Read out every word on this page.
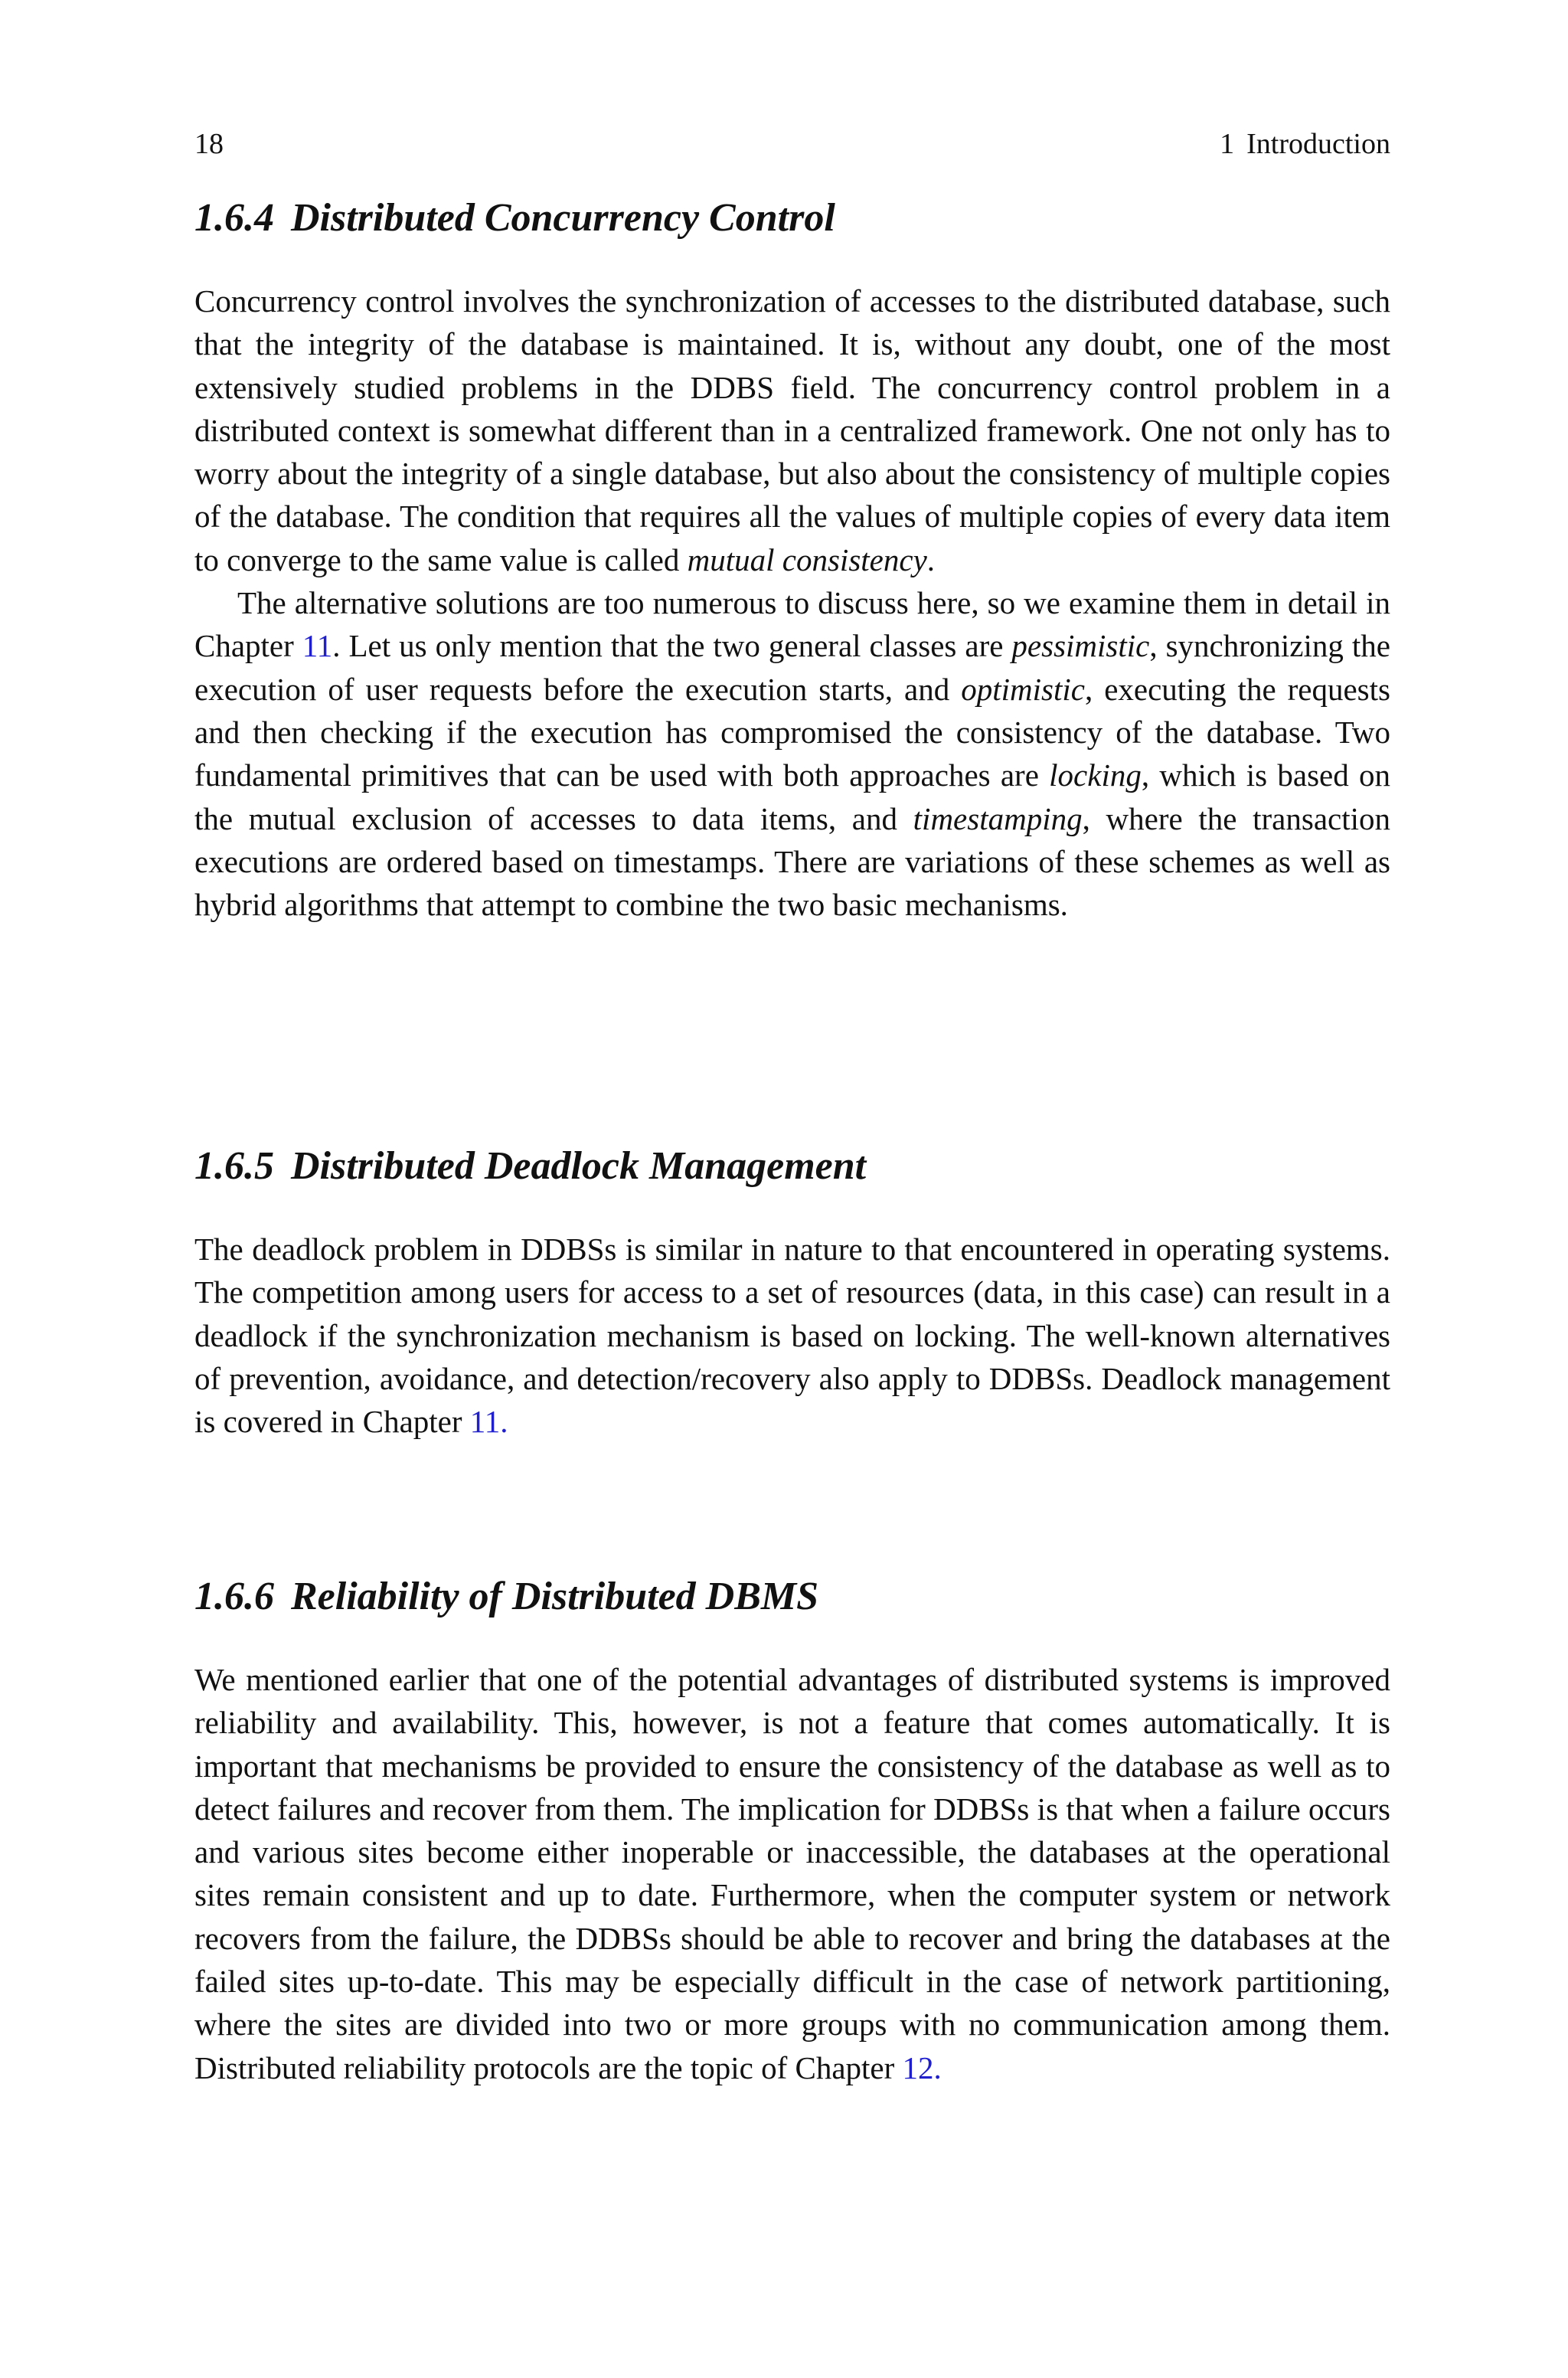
18	1 Introduction
1.6.4 Distributed Concurrency Control

Concurrency control involves the synchronization of accesses to the distributed database, such that the integrity of the database is maintained. It is, without any doubt, one of the most extensively studied problems in the DDBS field. The concurrency control problem in a distributed context is somewhat different than in a centralized framework. One not only has to worry about the integrity of a single database, but also about the consistency of multiple copies of the database. The condition that requires all the values of multiple copies of every data item to converge to the same value is called mutual consistency.

The alternative solutions are too numerous to discuss here, so we examine them in detail in Chapter 11. Let us only mention that the two general classes are pessimistic, synchronizing the execution of user requests before the execution starts, and optimistic, executing the requests and then checking if the execution has compromised the consistency of the database. Two fundamental primitives that can be used with both approaches are locking, which is based on the mutual exclusion of accesses to data items, and timestamping, where the transaction executions are ordered based on timestamps. There are variations of these schemes as well as hybrid algorithms that attempt to combine the two basic mechanisms.

1.6.5 Distributed Deadlock Management

The deadlock problem in DDBSs is similar in nature to that encountered in operating systems. The competition among users for access to a set of resources (data, in this case) can result in a deadlock if the synchronization mechanism is based on locking. The well-known alternatives of prevention, avoidance, and detection/recovery also apply to DDBSs. Deadlock management is covered in Chapter 11.

1.6.6 Reliability of Distributed DBMS

We mentioned earlier that one of the potential advantages of distributed systems is improved reliability and availability. This, however, is not a feature that comes automatically. It is important that mechanisms be provided to ensure the consistency of the database as well as to detect failures and recover from them. The implication for DDBSs is that when a failure occurs and various sites become either inoperable or inaccessible, the databases at the operational sites remain consistent and up to date. Furthermore, when the computer system or network recovers from the failure, the DDBSs should be able to recover and bring the databases at the failed sites up-to-date. This may be especially difficult in the case of network partitioning, where the sites are divided into two or more groups with no communication among them. Distributed reliability protocols are the topic of Chapter 12.
